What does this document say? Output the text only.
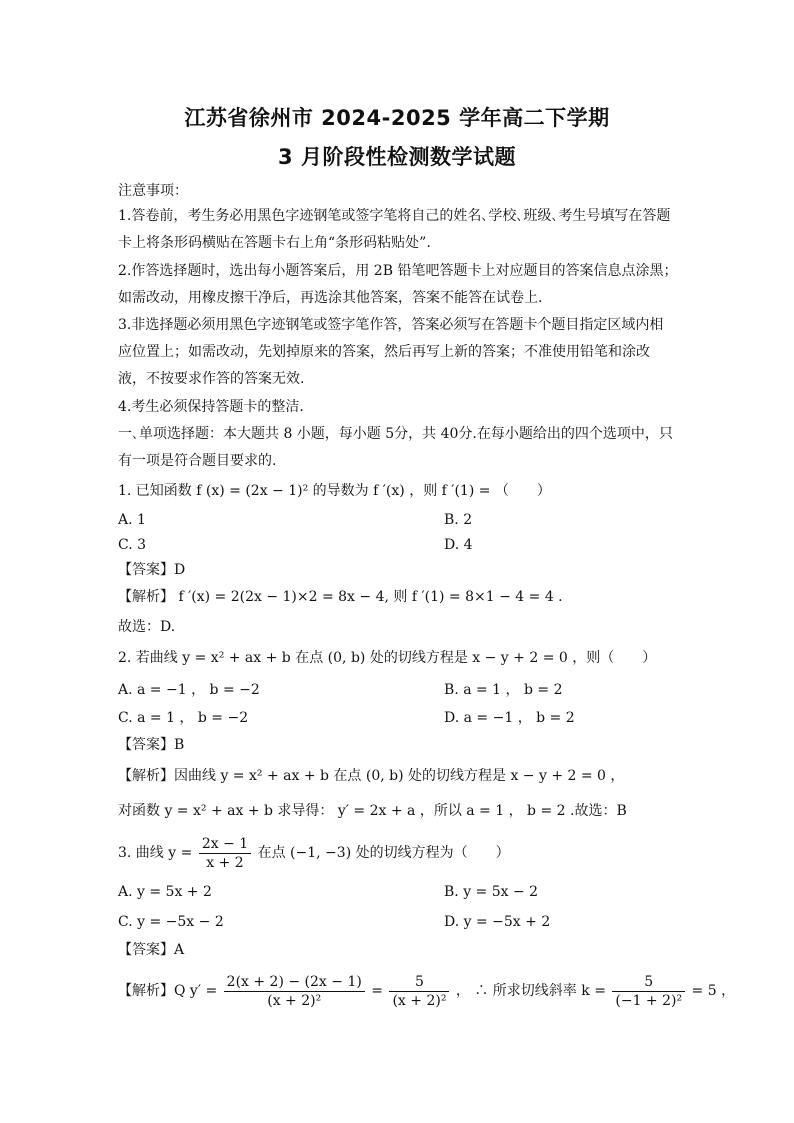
江苏省徐州市 2024-2025 学年高二下学期
3 月阶段性检测数学试题
注意事项：
1.答卷前，考生务必用黑色字迹钢笔或签字笔将自己的姓名､学校､班级､考生号填写在答题
卡上将条形码横贴在答题卡右上角“条形码粘贴处”.
2.作答选择题时，选出每小题答案后，用 2B 铅笔吧答题卡上对应题目的答案信息点涂黑；
如需改动，用橡皮擦干净后，再选涂其他答案，答案不能答在试卷上.
3.非选择题必须用黑色字迹钢笔或签字笔作答，答案必须写在答题卡个题目指定区域内相
应位置上；如需改动，先划掉原来的答案，然后再写上新的答案；不准使用铅笔和涂改
液，不按要求作答的答案无效.
4.考生必须保持答题卡的整洁.
一､单项选择题：本大题共 8 小题，每小题 5分，共 40分.在每小题给出的四个选项中，只
有一项是符合题目要求的.
1. 已知函数 f (x) = (2x − 1)² 的导数为 f ′(x) ，则 f ′(1) = （　　）
A. 1	B. 2
C. 3	D. 4
【答案】D
【解析】 f ′(x) = 2(2x − 1)×2 = 8x − 4, 则 f ′(1) = 8×1 − 4 = 4 .
故选：D.
2. 若曲线 y = x² + ax + b 在点 (0, b) 处的切线方程是 x − y + 2 = 0 ，则（　　）
A. a = −1 ， b = −2	B. a = 1 ， b = 2
C. a = 1 ， b = −2	D. a = −1 ， b = 2
【答案】B
【解析】因曲线 y = x² + ax + b 在点 (0, b) 处的切线方程是 x − y + 2 = 0 ，
对函数 y = x² + ax + b 求导得： y′ = 2x + a ，所以 a = 1 ， b = 2 .故选：B
3. 曲线 $y = \frac{2x - 1}{x + 2}$ 在点 (−1, −3) 处的切线方程为（　　）
A. y = 5x + 2	B. y = 5x − 2
C. y = −5x − 2	D. y = −5x + 2
【答案】A
【解析】Q $y' = \frac{2(x + 2) - (2x - 1)}{\text{(x + 2)²}} = \frac{5}{\text{(x + 2)²}}$ ， ∴ 所求切线斜率 $k = \frac{5}{\text{(−1 + 2)²}} = 5$ ，
